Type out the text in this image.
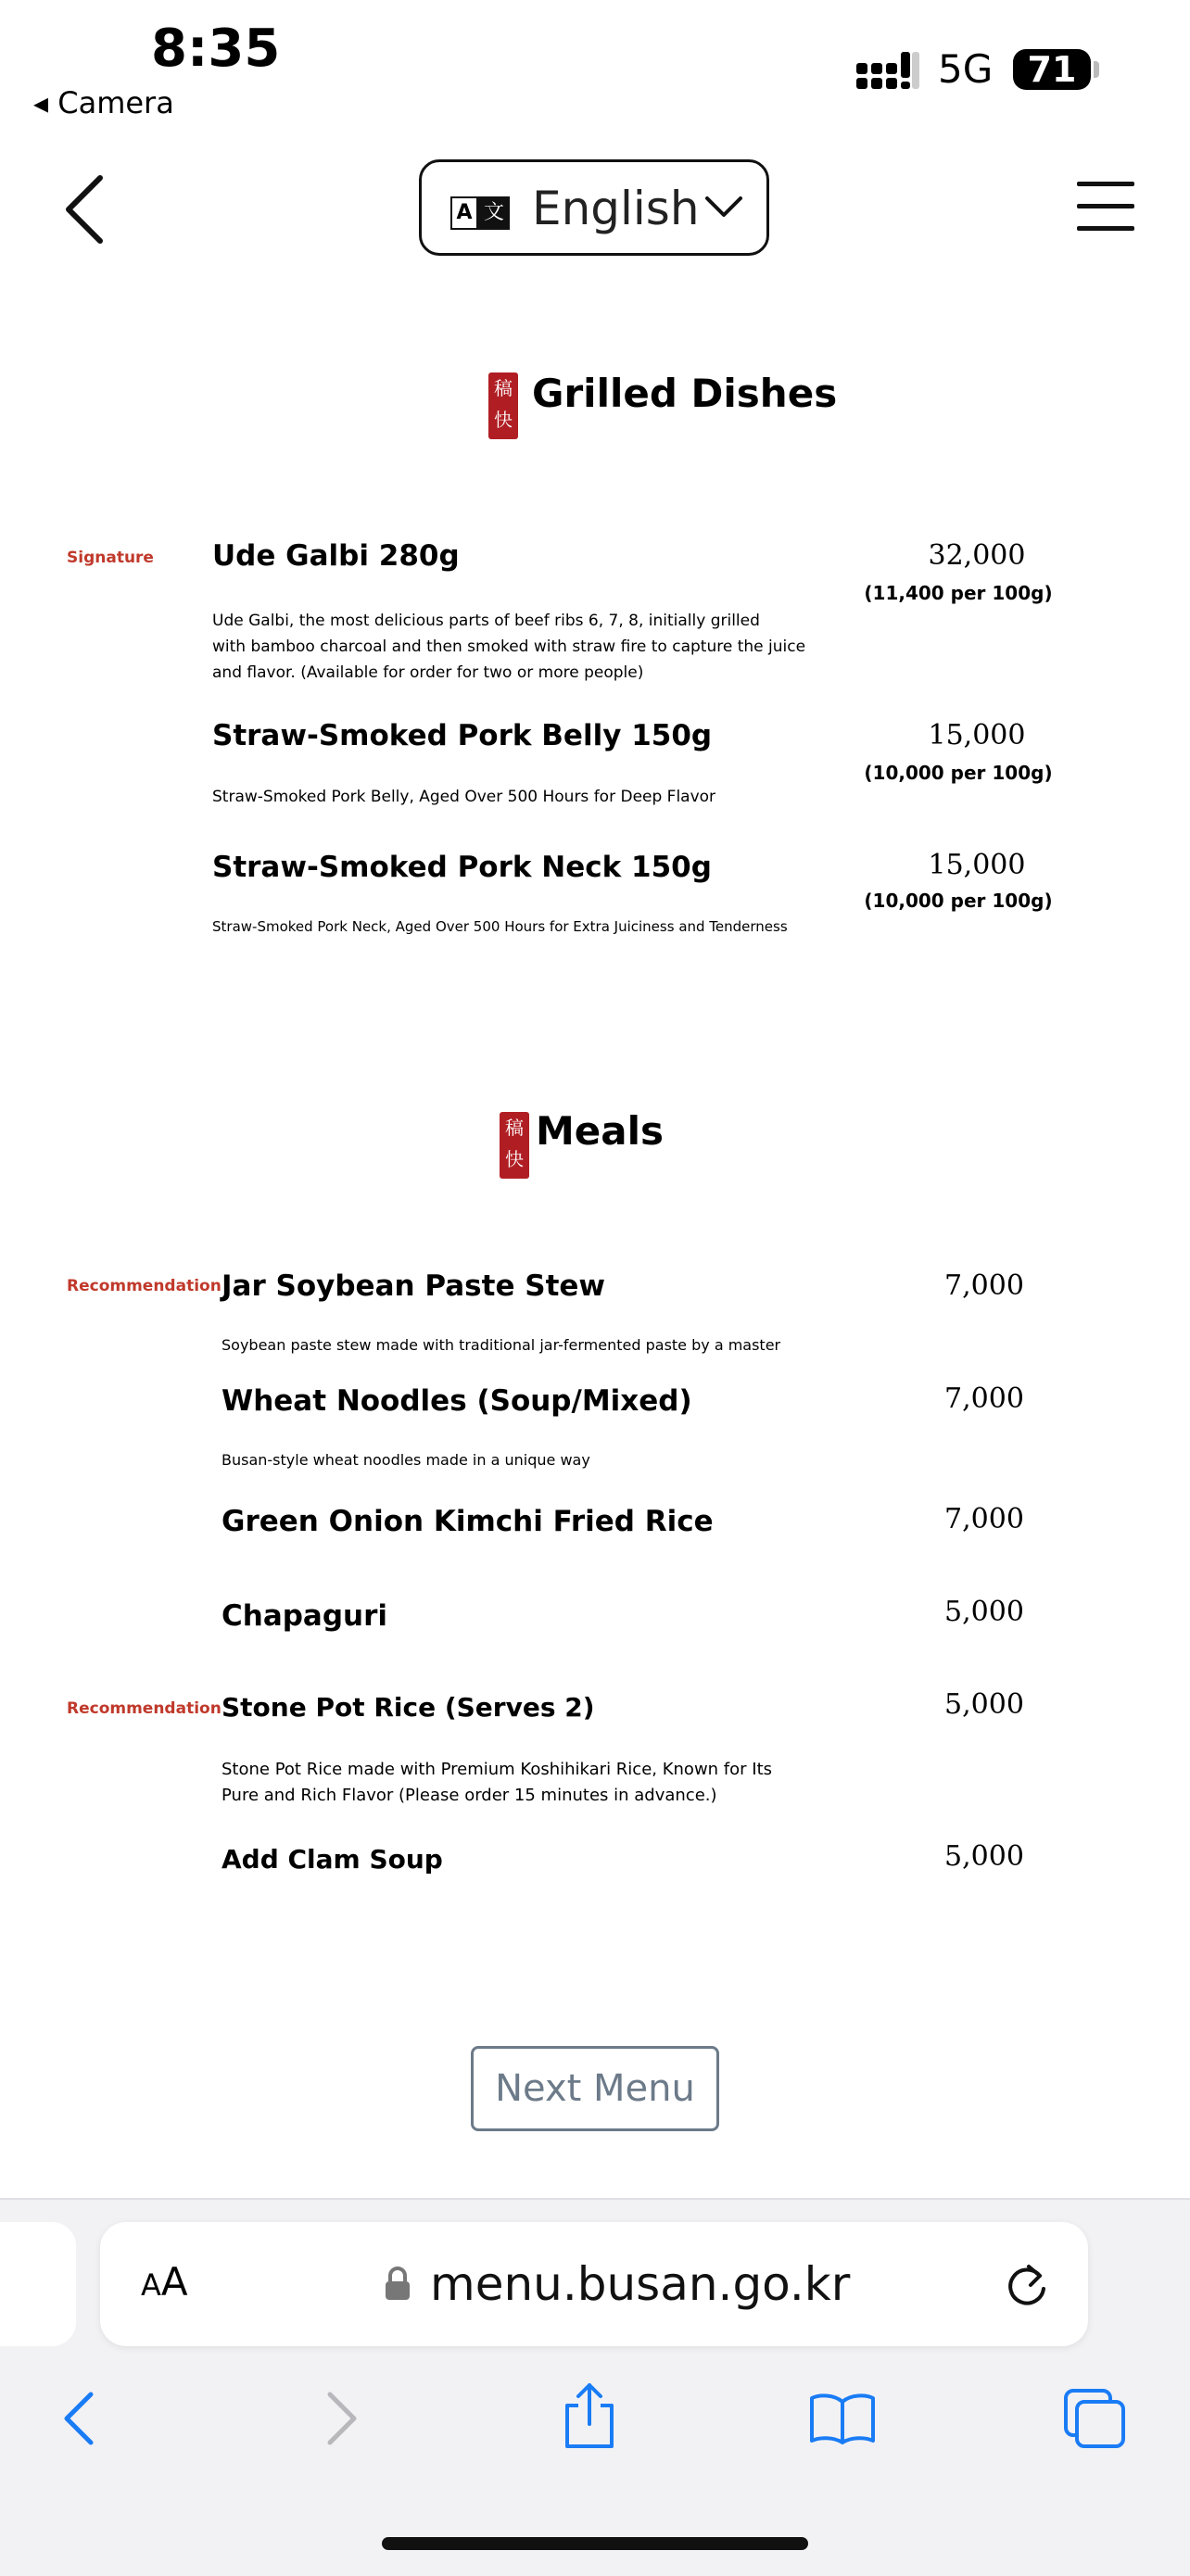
8:35
◂ Camera
5G 71
A 文 English
稿快
Grilled Dishes
Signature Ude Galbi 280g	32,000
(11,400 per 100g)
Ude Galbi, the most delicious parts of beef ribs 6, 7, 8, initially grilled
with bamboo charcoal and then smoked with straw fire to capture the juice
and flavor. (Available for order for two or more people)
Straw-Smoked Pork Belly 150g	15,000
(10,000 per 100g)
Straw-Smoked Pork Belly, Aged Over 500 Hours for Deep Flavor
Straw-Smoked Pork Neck 150g	15,000
(10,000 per 100g)
Straw-Smoked Pork Neck, Aged Over 500 Hours for Extra Juiciness and Tenderness
稿快
Meals
Recommendation Jar Soybean Paste Stew	7,000
Soybean paste stew made with traditional jar-fermented paste by a master
Wheat Noodles (Soup/Mixed)	7,000
Busan-style wheat noodles made in a unique way
Green Onion Kimchi Fried Rice	7,000
Chapaguri	5,000
Recommendation Stone Pot Rice (Serves 2)	5,000
Stone Pot Rice made with Premium Koshihikari Rice, Known for Its
Pure and Rich Flavor (Please order 15 minutes in advance.)
Add Clam Soup	5,000
Next Menu
AA	menu.busan.go.kr
